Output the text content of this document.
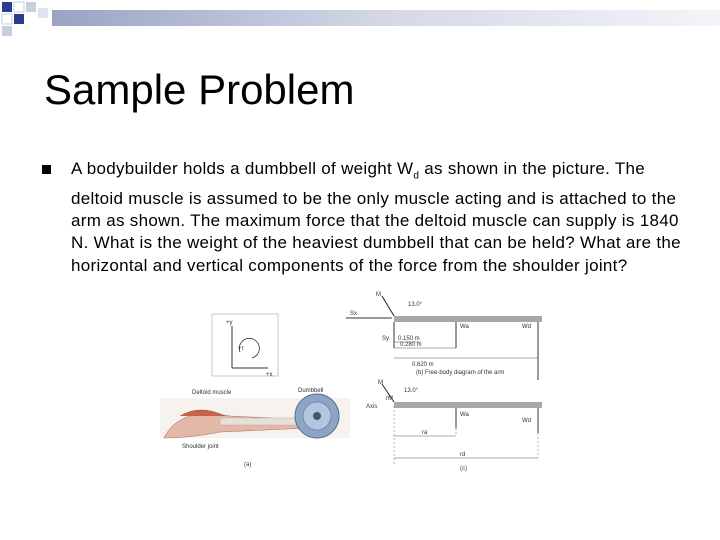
Sample Problem
A bodybuilder holds a dumbbell of weight $W_d$ as shown in the picture. The deltoid muscle is assumed to be the only muscle acting and is attached to the arm as shown. The maximum force that the deltoid muscle can supply is 1840 N. What is the weight of the heaviest dumbbell that can be held? What are the horizontal and vertical components of the force from the shoulder joint?
+y
+τ
+x
Deltoid muscle	Dumbbell
Shoulder joint
(a)
M
13.0°
Sx
Sy
Wa	Wd
0.150 m
0.280 m
0.620 m
(b) Free-body diagram of the arm
M
13.0°
rM
Axis
Wa
Wd
ra
rd
(c)
